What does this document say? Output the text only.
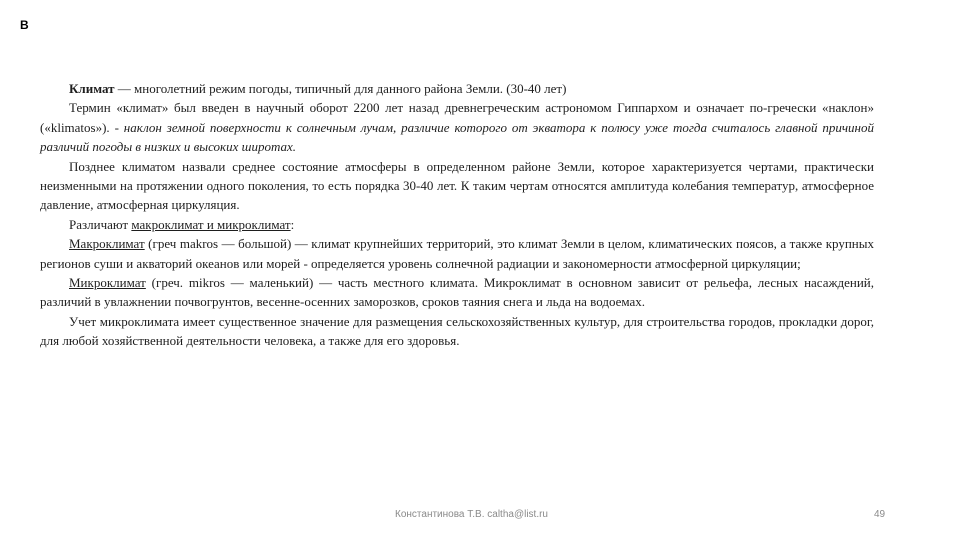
B

Климат — многолетний режим погоды, типичный для данного района Земли. (30-40 лет)

Термин «климат» был введен в научный оборот 2200 лет назад древнегреческим астрономом Гиппархом и означает по-гречески «наклон» («klimatos»). - наклон земной поверхности к солнечным лучам, различие которого от экватора к полюсу уже тогда считалось главной причиной различий погоды в низких и высоких широтах.

Позднее климатом назвали среднее состояние атмосферы в определенном районе Земли, которое характеризуется чертами, практически неизменными на протяжении одного поколения, то есть порядка 30-40 лет. К таким чертам относятся амплитуда колебания температур, атмосферное давление, атмосферная циркуляция.

Различают макроклимат и микроклимат:

Макроклимат (греч makros — большой) — климат крупнейших территорий, это климат Земли в целом, климатических поясов, а также крупных регионов суши и акваторий океанов или морей - определяется уровень солнечной радиации и закономерности атмосферной циркуляции;

Микроклимат (греч. mikros — маленький) — часть местного климата. Микроклимат в основном зависит от рельефа, лесных насаждений, различий в увлажнении почвогрунтов, весенне-осенних заморозков, сроков таяния снега и льда на водоемах.

Учет микроклимата имеет существенное значение для размещения сельскохозяйственных культур, для строительства городов, прокладки дорог, для любой хозяйственной деятельности человека, а также для его здоровья.

Константинова Т.В. caltha@list.ru	49
